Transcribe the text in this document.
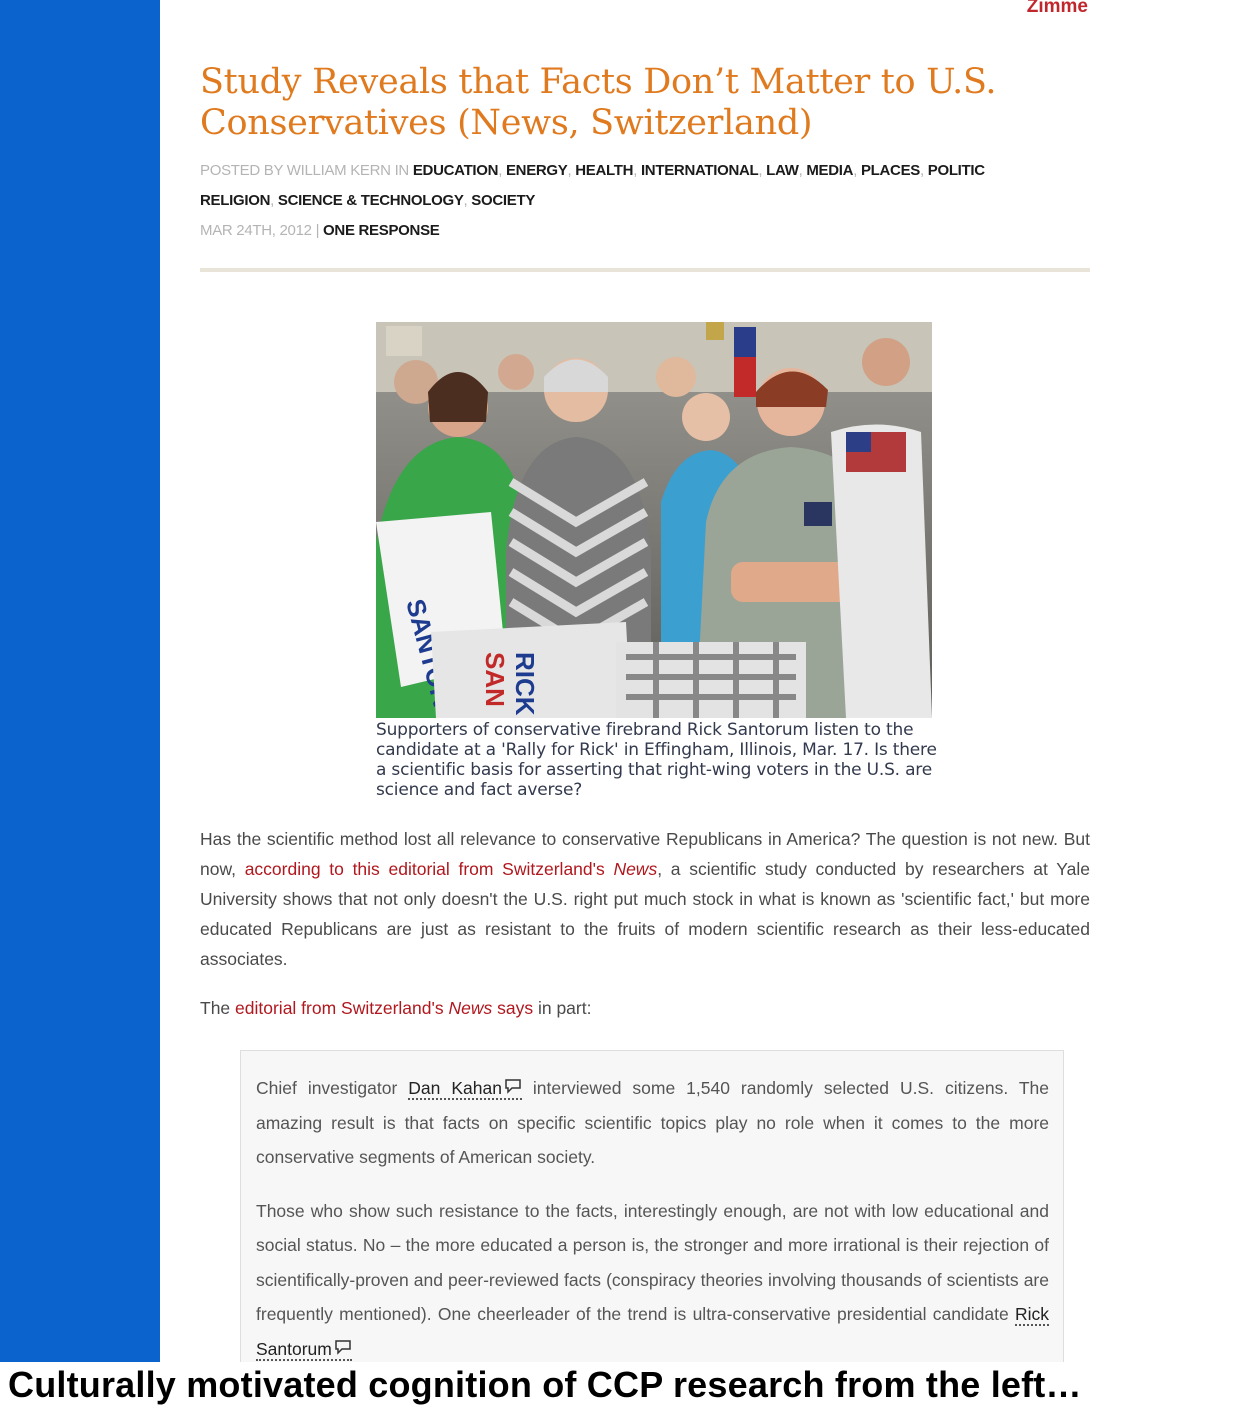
Zimme
Study Reveals that Facts Don’t Matter to U.S. Conservatives (News, Switzerland)
POSTED BY WILLIAM KERN IN EDUCATION, ENERGY, HEALTH, INTERNATIONAL, LAW, MEDIA, PLACES, POLITIC
RELIGION, SCIENCE & TECHNOLOGY, SOCIETY
MAR 24TH, 2012 | ONE RESPONSE
RICK
SAN
Supporters of conservative firebrand Rick Santorum listen to the candidate at a 'Rally for Rick' in Effingham, Illinois, Mar. 17. Is there a scientific basis for asserting that right-wing voters in the U.S. are science and fact averse?

Has the scientific method lost all relevance to conservative Republicans in America? The question is not new. But now, according to this editorial from Switzerland's News, a scientific study conducted by researchers at Yale University shows that not only doesn't the U.S. right put much stock in what is known as 'scientific fact,' but more educated Republicans are just as resistant to the fruits of modern scientific research as their less-educated associates.

The editorial from Switzerland's News says in part:

Chief investigator Dan Kahan interviewed some 1,540 randomly selected U.S. citizens. The amazing result is that facts on specific scientific topics play no role when it comes to the more conservative segments of American society.

Those who show such resistance to the facts, interestingly enough, are not with low educational and social status. No – the more educated a person is, the stronger and more irrational is their rejection of scientifically-proven and peer-reviewed facts (conspiracy theories involving thousands of scientists are frequently mentioned). One cheerleader of the trend is ultra-conservative presidential candidate Rick Santorum

Culturally motivated cognition of CCP research from the left…
